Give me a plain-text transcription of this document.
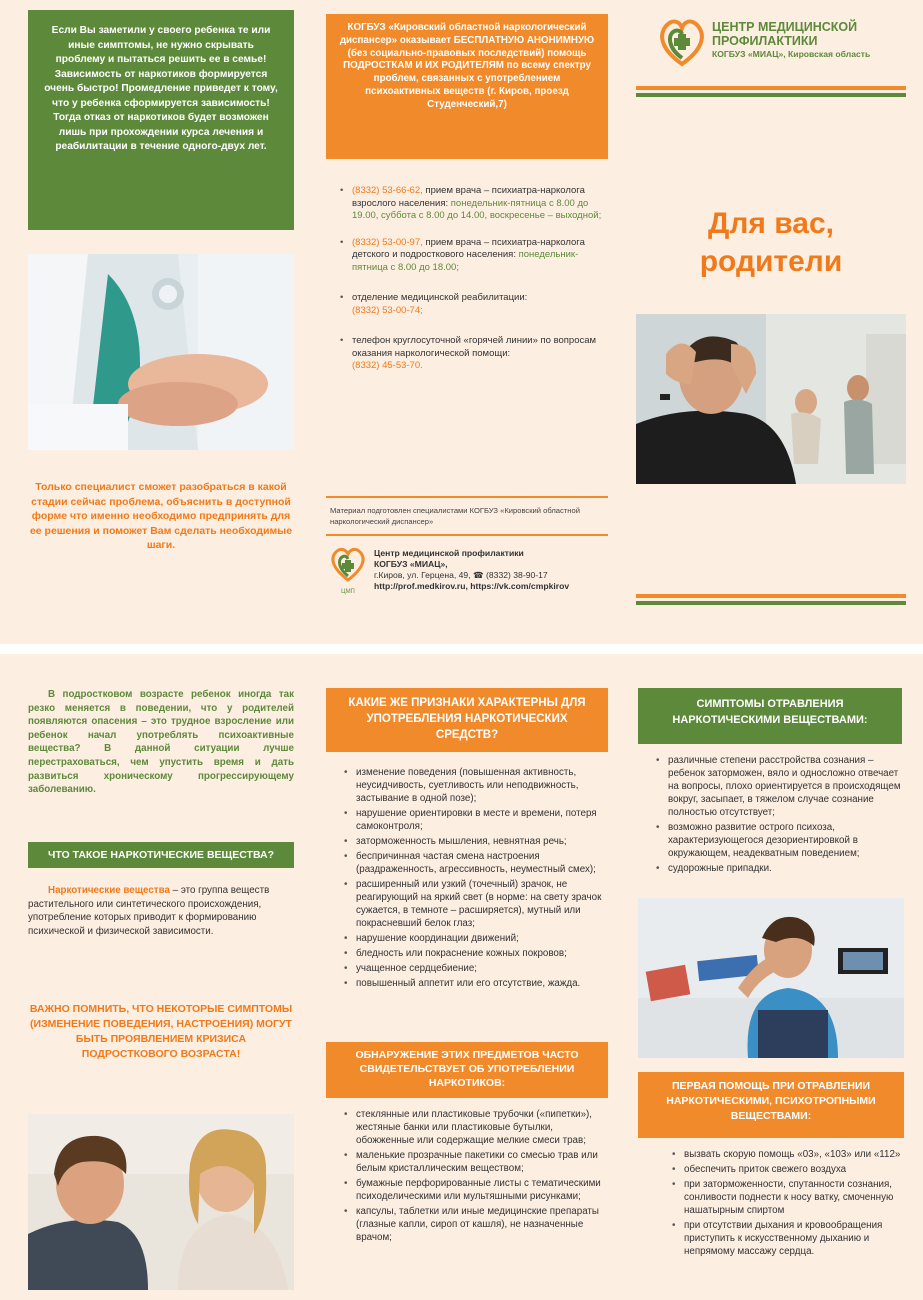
Если Вы заметили у своего ребенка те или иные симптомы, не нужно скрывать проблему и пытаться решить ее в семье! Зависимость от наркотиков формируется очень быстро! Промедление приведет к тому, что у ребенка сформируется зависимость! Тогда отказ от наркотиков будет возможен лишь при прохождении курса лечения и реабилитации в течение одного-двух лет.

Только специалист сможет разобраться в какой стадии сейчас проблема, объяснить в доступной форме что именно необходимо предпринять для ее решения и поможет Вам сделать необходимые шаги.

КОГБУЗ «Кировский областной наркологический диспансер» оказывает БЕСПЛАТНУЮ АНОНИМНУЮ (без социально-правовых последствий) помощь ПОДРОСТКАМ И ИХ РОДИТЕЛЯМ по всему спектру проблем, связанных с употреблением психоактивных веществ (г. Киров, проезд Студенческий,7)

• (8332) 53-66-62, прием врача – психиатра-нарколога взрослого населения: понедельник-пятница с 8.00 до 19.00, суббота с 8.00 до 14.00, воскресенье – выходной;
• (8332) 53-00-97, прием врача – психиатра-нарколога детского и подросткового населения: понедельник-пятница с 8.00 до 18.00;
• отделение медицинской реабилитации:
(8332) 53-00-74;
• телефон круглосуточной «горячей линии» по вопросам оказания наркологической помощи:
(8332) 45-53-70.

Материал подготовлен специалистами КОГБУЗ «Кировский областной наркологический диспансер»

ЦМП
Центр медицинской профилактики
КОГБУЗ «МИАЦ»,
г.Киров, ул. Герцена, 49, ☎ (8332) 38-90-17
http://prof.medkirov.ru, https://vk.com/cmpkirov
ЦЕНТР МЕДИЦИНСКОЙ
ПРОФИЛАКТИКИ
КОГБУЗ «МИАЦ», Кировская область
Для вас,
родители

В подростковом возрасте ребенок иногда так резко меняется в поведении, что у родителей появляются опасения – это трудное взросление или ребенок начал употреблять психоактивные вещества? В данной ситуации лучше перестраховаться, чем упустить время и дать развиться хроническому прогрессирующему заболеванию.

ЧТО ТАКОЕ НАРКОТИЧЕСКИЕ ВЕЩЕСТВА?

Наркотические вещества – это группа веществ растительного или синтетического происхождения, употребление которых приводит к формированию психической и физической зависимости.

ВАЖНО ПОМНИТЬ, ЧТО НЕКОТОРЫЕ СИМПТОМЫ (ИЗМЕНЕНИЕ ПОВЕДЕНИЯ, НАСТРОЕНИЯ) МОГУТ БЫТЬ ПРОЯВЛЕНИЕМ КРИЗИСА ПОДРОСТКОВОГО ВОЗРАСТА!

КАКИЕ ЖЕ ПРИЗНАКИ ХАРАКТЕРНЫ ДЛЯ УПОТРЕБЛЕНИЯ НАРКОТИЧЕСКИХ СРЕДСТВ?
• изменение поведения (повышенная активность, неусидчивость, суетливость или неподвижность, застывание в одной позе);
• нарушение ориентировки в месте и времени, потеря самоконтроля;
• заторможенность мышления, невнятная речь;
• беспричинная частая смена настроения (раздраженность, агрессивность, неуместный смех);
• расширенный или узкий (точечный) зрачок, не реагирующий на яркий свет (в норме: на свету зрачок сужается, в темноте – расширяется), мутный или покрасневший белок глаз;
• нарушение координации движений;
• бледность или покраснение кожных покровов;
• учащенное сердцебиение;
• повышенный аппетит или его отсутствие, жажда.
ОБНАРУЖЕНИЕ ЭТИХ ПРЕДМЕТОВ ЧАСТО СВИДЕТЕЛЬСТВУЕТ ОБ УПОТРЕБЛЕНИИ НАРКОТИКОВ:
• стеклянные или пластиковые трубочки («пипетки»), жестяные банки или пластиковые бутылки, обожженные или содержащие мелкие смеси трав;
• маленькие прозрачные пакетики со смесью трав или белым кристаллическим веществом;
• бумажные перфорированные листы с тематическими психоделическими или мультяшными рисунками;
• капсулы, таблетки или иные медицинские препараты (глазные капли, сироп от кашля), не назначенные врачом;
СИМПТОМЫ ОТРАВЛЕНИЯ НАРКОТИЧЕСКИМИ ВЕЩЕСТВАМИ:
• различные степени расстройства сознания – ребенок заторможен, вяло и односложно отвечает на вопросы, плохо ориентируется в происходящем вокруг, засыпает, в тяжелом случае сознание полностью отсутствует;
• возможно развитие острого психоза, характеризующегося дезориентировкой в окружающем, неадекватным поведением;
• судорожные припадки.
ПЕРВАЯ ПОМОЩЬ ПРИ ОТРАВЛЕНИИ НАРКОТИЧЕСКИМИ, ПСИХОТРОПНЫМИ ВЕЩЕСТВАМИ:
• вызвать скорую помощь «03», «103» или «112»
• обеспечить приток свежего воздуха
• при заторможенности, спутанности сознания, сонливости поднести к носу ватку, смоченную нашатырным спиртом
• при отсутствии дыхания и кровообращения приступить к искусственному дыханию и непрямому массажу сердца.
